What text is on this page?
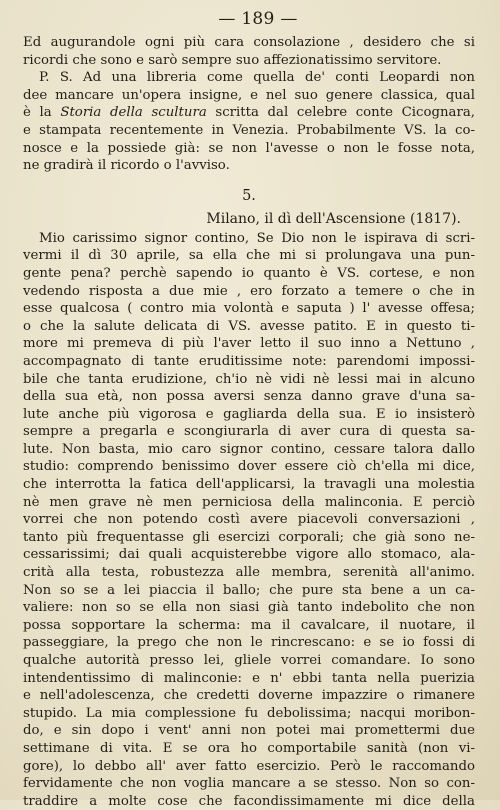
— 189 —
Ed augurandole ogni più cara consolazione , desidero che si
ricordi che sono e sarò sempre suo affezionatissimo servitore.
P. S. Ad una libreria come quella de' conti Leopardi non
dee mancare un'opera insigne, e nel suo genere classica, qual
è la Storia della scultura scritta dal celebre conte Cicognara,
e stampata recentemente in Venezia. Probabilmente VS. la co-
nosce e la possiede già: se non l'avesse o non le fosse nota,
ne gradirà il ricordo o l'avviso.
5.
Milano, il dì dell'Ascensione (1817).
Mio carissimo signor contino, Se Dio non le ispirava di scri-
vermi il dì 30 aprile, sa ella che mi si prolungava una pun-
gente pena? perchè sapendo io quanto è VS. cortese, e non
vedendo risposta a due mie , ero forzato a temere o che in
esse qualcosa ( contro mia volontà e saputa ) l' avesse offesa;
o che la salute delicata di VS. avesse patito. E in questo ti-
more mi premeva di più l'aver letto il suo inno a Nettuno ,
accompagnato di tante eruditissime note: parendomi impossi-
bile che tanta erudizione, ch'io nè vidi nè lessi mai in alcuno
della sua età, non possa aversi senza danno grave d'una sa-
lute anche più vigorosa e gagliarda della sua. E io insisterò
sempre a pregarla e scongiurarla di aver cura di questa sa-
lute. Non basta, mio caro signor contino, cessare talora dallo
studio: comprendo benissimo dover essere ciò ch'ella mi dice,
che interrotta la fatica dell'applicarsi, la travagli una molestia
nè men grave nè men perniciosa della malinconia. E perciò
vorrei che non potendo costì avere piacevoli conversazioni ,
tanto più frequentasse gli esercizi corporali; che già sono ne-
cessarissimi; dai quali acquisterebbe vigore allo stomaco, ala-
crità alla testa, robustezza alle membra, serenità all'animo.
Non so se a lei piaccia il ballo; che pure sta bene a un ca-
valiere: non so se ella non siasi già tanto indebolito che non
possa sopportare la scherma: ma il cavalcare, il nuotare, il
passeggiare, la prego che non le rincrescano: e se io fossi di
qualche autorità presso lei, gliele vorrei comandare. Io sono
intendentissimo di malinconie: e n' ebbi tanta nella puerizia
e nell'adolescenza, che credetti doverne impazzire o rimanere
stupido. La mia complessione fu debolissima; nacqui moribon-
do, e sin dopo i vent' anni non potei mai promettermi due
settimane di vita. E se ora ho comportabile sanità (non vi-
gore), lo debbo all' aver fatto esercizio. Però le raccomando
fervidamente che non voglia mancare a se stesso. Non so con-
traddire a molte cose che facondissimamente mi dice della
